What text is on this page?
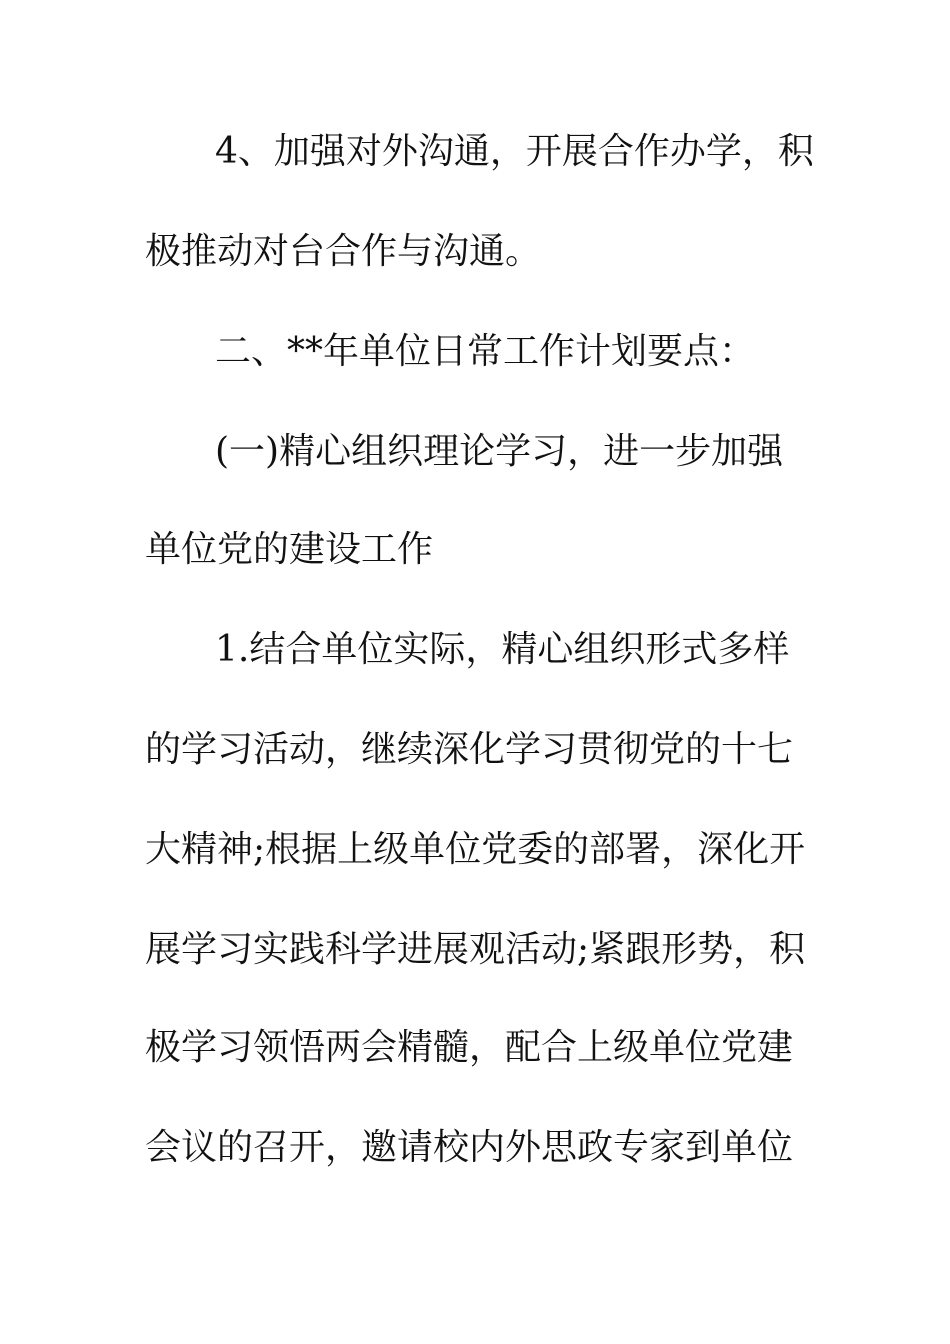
4、加强对外沟通，开展合作办学，积
极推动对台合作与沟通。
二、**年单位日常工作计划要点：
(一)精心组织理论学习，进一步加强
单位党的建设工作
1.结合单位实际，精心组织形式多样
的学习活动，继续深化学习贯彻党的十七
大精神;根据上级单位党委的部署，深化开
展学习实践科学进展观活动;紧跟形势，积
极学习领悟两会精髓，配合上级单位党建
会议的召开，邀请校内外思政专家到单位
